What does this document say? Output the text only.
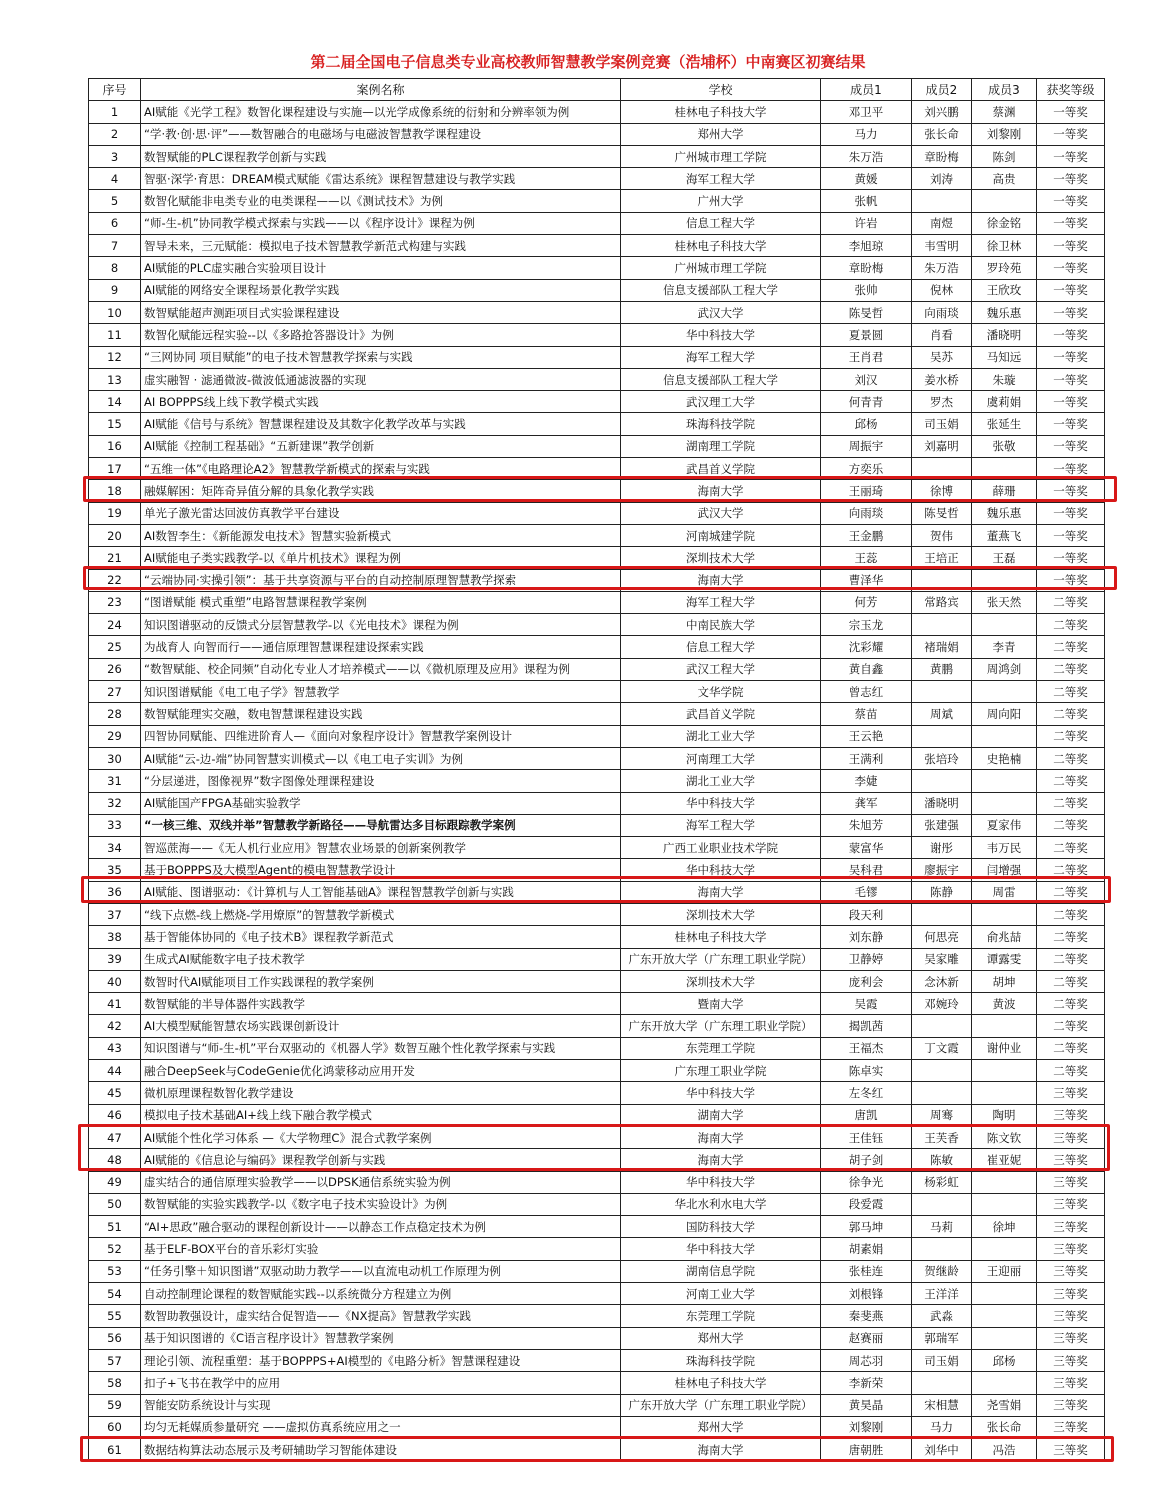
第二届全国电子信息类专业高校教师智慧教学案例竞赛（浩埔杯）中南赛区初赛结果
序号	案例名称	学校	成员1	成员2	成员3	获奖等级
1	AI赋能《光学工程》数智化课程建设与实施—以光学成像系统的衍射和分辨率领为例	桂林电子科技大学	邓卫平	刘兴鹏	蔡渊	一等奖
2	“学·教·创·思·评”——数智融合的电磁场与电磁波智慧教学课程建设	郑州大学	马力	张长命	刘黎刚	一等奖
3	数智赋能的PLC课程教学创新与实践	广州城市理工学院	朱万浩	章盼梅	陈剑	一等奖
4	智驱·深学·育思：DREAM模式赋能《雷达系统》课程智慧建设与教学实践	海军工程大学	黄媛	刘涛	高贵	一等奖
5	数智化赋能非电类专业的电类课程——以《测试技术》为例	广州大学	张帆			一等奖
6	“师-生-机”协同教学模式探索与实践——以《程序设计》课程为例	信息工程大学	许岩	南煜	徐金铭	一等奖
7	智导未来，三元赋能：模拟电子技术智慧教学新范式构建与实践	桂林电子科技大学	李旭琼	韦雪明	徐卫林	一等奖
8	AI赋能的PLC虚实融合实验项目设计	广州城市理工学院	章盼梅	朱万浩	罗玲苑	一等奖
9	AI赋能的网络安全课程场景化教学实践	信息支援部队工程大学	张帅	倪林	王欣玫	一等奖
10	数智赋能超声测距项目式实验课程建设	武汉大学	陈旻哲	向雨琰	魏乐惠	一等奖
11	数智化赋能远程实验--以《多路抢答器设计》为例	华中科技大学	夏景圆	肖看	潘晓明	一等奖
12	“三网协同 项目赋能”的电子技术智慧教学探索与实践	海军工程大学	王肖君	吴苏	马知远	一等奖
13	虚实融智 · 滤通微波-微波低通滤波器的实现	信息支援部队工程大学	刘汉	姜水桥	朱璇	一等奖
14	AI BOPPPS线上线下教学模式实践	武汉理工大学	何青青	罗杰	虞莉娟	一等奖
15	AI赋能《信号与系统》智慧课程建设及其数字化教学改革与实践	珠海科技学院	邱杨	司玉娟	张延生	一等奖
16	AI赋能《控制工程基础》“五新建课”教学创新	湖南理工学院	周振宇	刘嘉明	张敬	一等奖
17	“五维一体”《电路理论A2》智慧教学新模式的探索与实践	武昌首义学院	方奕乐			一等奖
18	融媒解困：矩阵奇异值分解的具象化教学实践	海南大学	王丽琦	徐博	薛珊	一等奖
19	单光子激光雷达回波仿真教学平台建设	武汉大学	向雨琰	陈旻哲	魏乐惠	一等奖
20	AI数智李生：《新能源发电技术》智慧实验新模式	河南城建学院	王金鹏	贺伟	董燕飞	一等奖
21	AI赋能电子类实践教学-以《单片机技术》课程为例	深圳技术大学	王蕊	王培正	王磊	一等奖
22	“云端协同·实操引领”：基于共享资源与平台的自动控制原理智慧教学探索	海南大学	曹泽华			一等奖
23	“图谱赋能 模式重塑”电路智慧课程教学案例	海军工程大学	何芳	常路宾	张天然	二等奖
24	知识图谱驱动的反馈式分层智慧教学-以《光电技术》课程为例	中南民族大学	宗玉龙			二等奖
25	为战育人 向智而行——通信原理智慧课程建设探索实践	信息工程大学	沈彩耀	褚瑞娟	李青	二等奖
26	“数智赋能、校企同频”自动化专业人才培养模式——以《微机原理及应用》课程为例	武汉工程大学	黄自鑫	黄鹏	周鸿剑	二等奖
27	知识图谱赋能《电工电子学》智慧教学	文华学院	曾志红			二等奖
28	数智赋能理实交融，数电智慧课程建设实践	武昌首义学院	蔡苗	周斌	周向阳	二等奖
29	四智协同赋能、四维进阶育人—《面向对象程序设计》智慧教学案例设计	湖北工业大学	王云艳			二等奖
30	AI赋能“云-边-端”协同智慧实训模式—以《电工电子实训》为例	河南理工大学	王满利	张培玲	史艳楠	二等奖
31	“分层递进，图像视界”数字图像处理课程建设	湖北工业大学	李婕			二等奖
32	AI赋能国产FPGA基础实验教学	华中科技大学	龚军	潘晓明		二等奖
33	“一核三维、双线并举”智慧教学新路径——导航雷达多目标跟踪教学案例	海军工程大学	朱旭芳	张建强	夏家伟	二等奖
34	智巡蔗海——《无人机行业应用》智慧农业场景的创新案例教学	广西工业职业技术学院	蒙富华	谢彤	韦万民	二等奖
35	基于BOPPPS及大模型Agent的模电智慧教学设计	华中科技大学	吴科君	廖振宇	闫增强	二等奖
36	AI赋能、图谱驱动：《计算机与人工智能基础A》课程智慧教学创新与实践	海南大学	毛镠	陈静	周雷	二等奖
37	“线下点燃-线上燃烧-学用燎原”的智慧教学新模式	深圳技术大学	段天利			二等奖
38	基于智能体协同的《电子技术B》课程教学新范式	桂林电子科技大学	刘东静	何思亮	俞兆喆	二等奖
39	生成式AI赋能数字电子技术教学	广东开放大学（广东理工职业学院）	卫静婷	吴家雕	谭露雯	二等奖
40	数智时代AI赋能项目工作实践课程的教学案例	深圳技术大学	庞利会	念沐新	胡坤	二等奖
41	数智赋能的半导体器件实践教学	暨南大学	吴霞	邓婉玲	黄波	二等奖
42	AI大模型赋能智慧农场实践课创新设计	广东开放大学（广东理工职业学院）	揭凯茜			二等奖
43	知识图谱与“师-生-机”平台双驱动的《机器人学》数智互融个性化教学探索与实践	东莞理工学院	王福杰	丁文霞	谢仲业	二等奖
44	融合DeepSeek与CodeGenie优化鸿蒙移动应用开发	广东理工职业学院	陈卓实			二等奖
45	微机原理课程数智化教学建设	华中科技大学	左冬红			三等奖
46	模拟电子技术基础AI+线上线下融合教学模式	湖南大学	唐凯	周骞	陶明	三等奖
47	AI赋能个性化学习体系 —《大学物理C》混合式教学案例	海南大学	王佳钰	王芙香	陈文钦	三等奖
48	AI赋能的《信息论与编码》课程教学创新与实践	海南大学	胡子剑	陈敏	崔亚妮	三等奖
49	虚实结合的通信原理实验教学——以DPSK通信系统实验为例	华中科技大学	徐争光	杨彩虹		三等奖
50	数智赋能的实验实践教学-以《数字电子技术实验设计》为例	华北水利水电大学	段爱霞			三等奖
51	“AI+思政”融合驱动的课程创新设计——以静态工作点稳定技术为例	国防科技大学	郭马坤	马莉	徐坤	三等奖
52	基于ELF-BOX平台的音乐彩灯实验	华中科技大学	胡素娟			三等奖
53	“任务引擎＋知识图谱”双驱动助力教学——以直流电动机工作原理为例	湖南信息学院	张桂连	贺继龄	王迎丽	三等奖
54	自动控制理论课程的数智赋能实践--以系统微分方程建立为例	河南工业大学	刘根锋	王洋洋		三等奖
55	数智助教强设计，虚实结合促智造——《NX提高》智慧教学实践	东莞理工学院	秦斐燕	武淼		三等奖
56	基于知识图谱的《C语言程序设计》智慧教学案例	郑州大学	赵赛丽	郭瑞军		三等奖
57	理论引领、流程重塑：基于BOPPPS+AI模型的《电路分析》智慧课程建设	珠海科技学院	周芯羽	司玉娟	邱杨	三等奖
58	扣子+飞书在教学中的应用	桂林电子科技大学	李新荣			三等奖
59	智能安防系统设计与实现	广东开放大学（广东理工职业学院）	黄昊晶	宋相慧	尧雪娟	三等奖
60	均匀无耗媒质参量研究 ——虚拟仿真系统应用之一	郑州大学	刘黎刚	马力	张长命	三等奖
61	数据结构算法动态展示及考研辅助学习智能体建设	海南大学	唐朝胜	刘华中	冯浩	三等奖
